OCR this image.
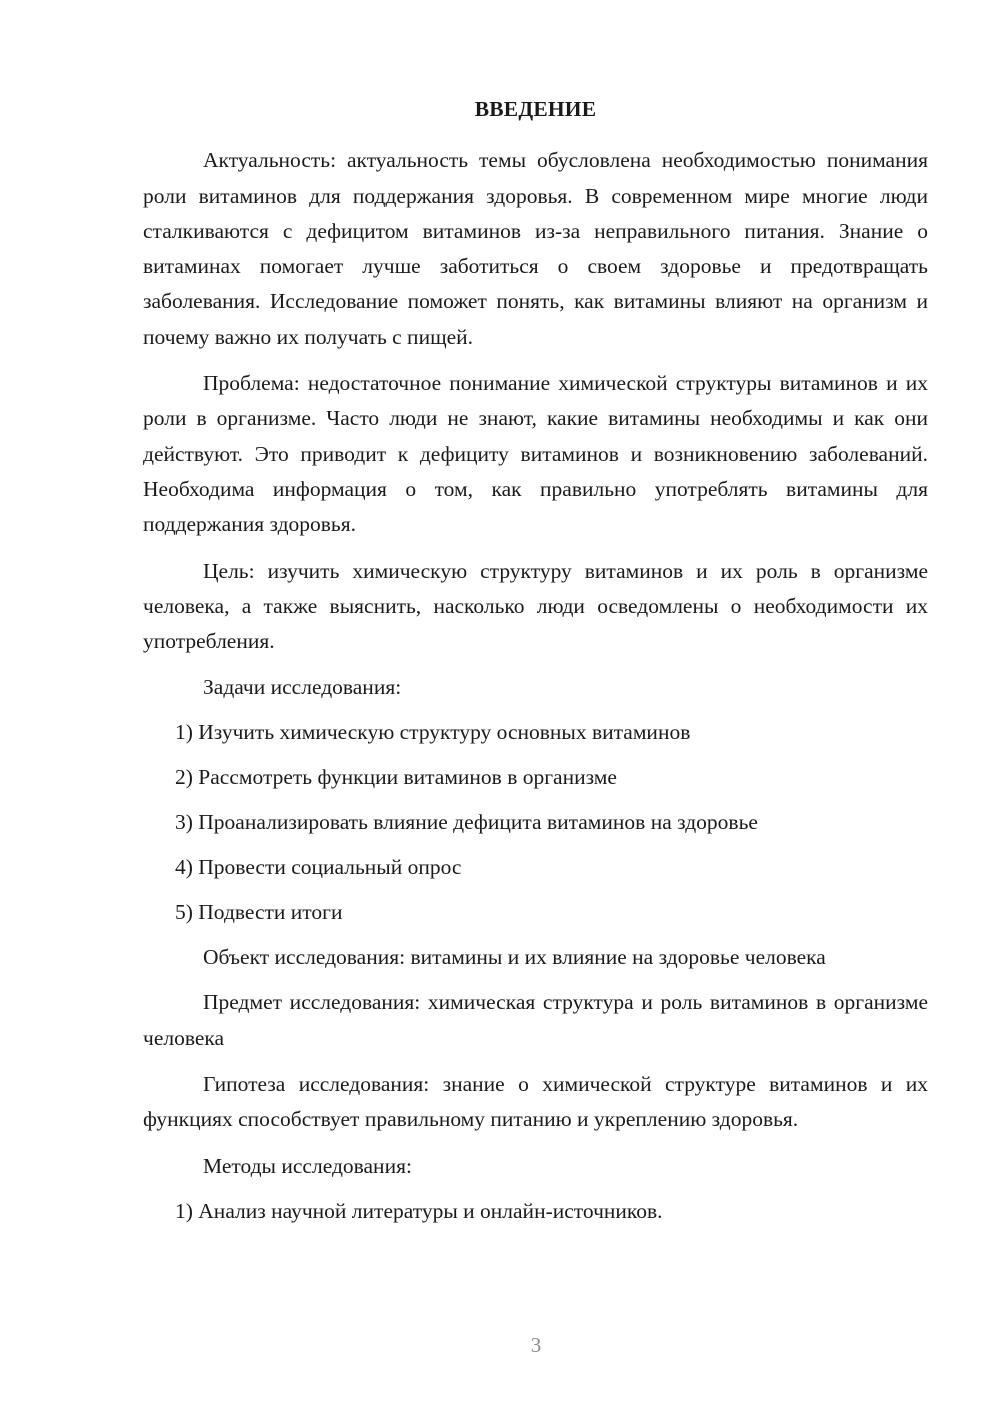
ВВЕДЕНИЕ

Актуальность: актуальность темы обусловлена необходимостью понимания роли витаминов для поддержания здоровья. В современном мире многие люди сталкиваются с дефицитом витаминов из-за неправильного питания. Знание о витаминах помогает лучше заботиться о своем здоровье и предотвращать заболевания. Исследование поможет понять, как витамины влияют на организм и почему важно их получать с пищей.

Проблема: недостаточное понимание химической структуры витаминов и их роли в организме. Часто люди не знают, какие витамины необходимы и как они действуют. Это приводит к дефициту витаминов и возникновению заболеваний. Необходима информация о том, как правильно употреблять витамины для поддержания здоровья.

Цель: изучить химическую структуру витаминов и их роль в организме человека, а также выяснить, насколько люди осведомлены о необходимости их употребления.

Задачи исследования:

1) Изучить химическую структуру основных витаминов

2) Рассмотреть функции витаминов в организме

3) Проанализировать влияние дефицита витаминов на здоровье

4) Провести социальный опрос

5) Подвести итоги

Объект исследования: витамины и их влияние на здоровье человека

Предмет исследования: химическая структура и роль витаминов в организме человека

Гипотеза исследования: знание о химической структуре витаминов и их функциях способствует правильному питанию и укреплению здоровья.

Методы исследования:

1) Анализ научной литературы и онлайн-источников.

3
